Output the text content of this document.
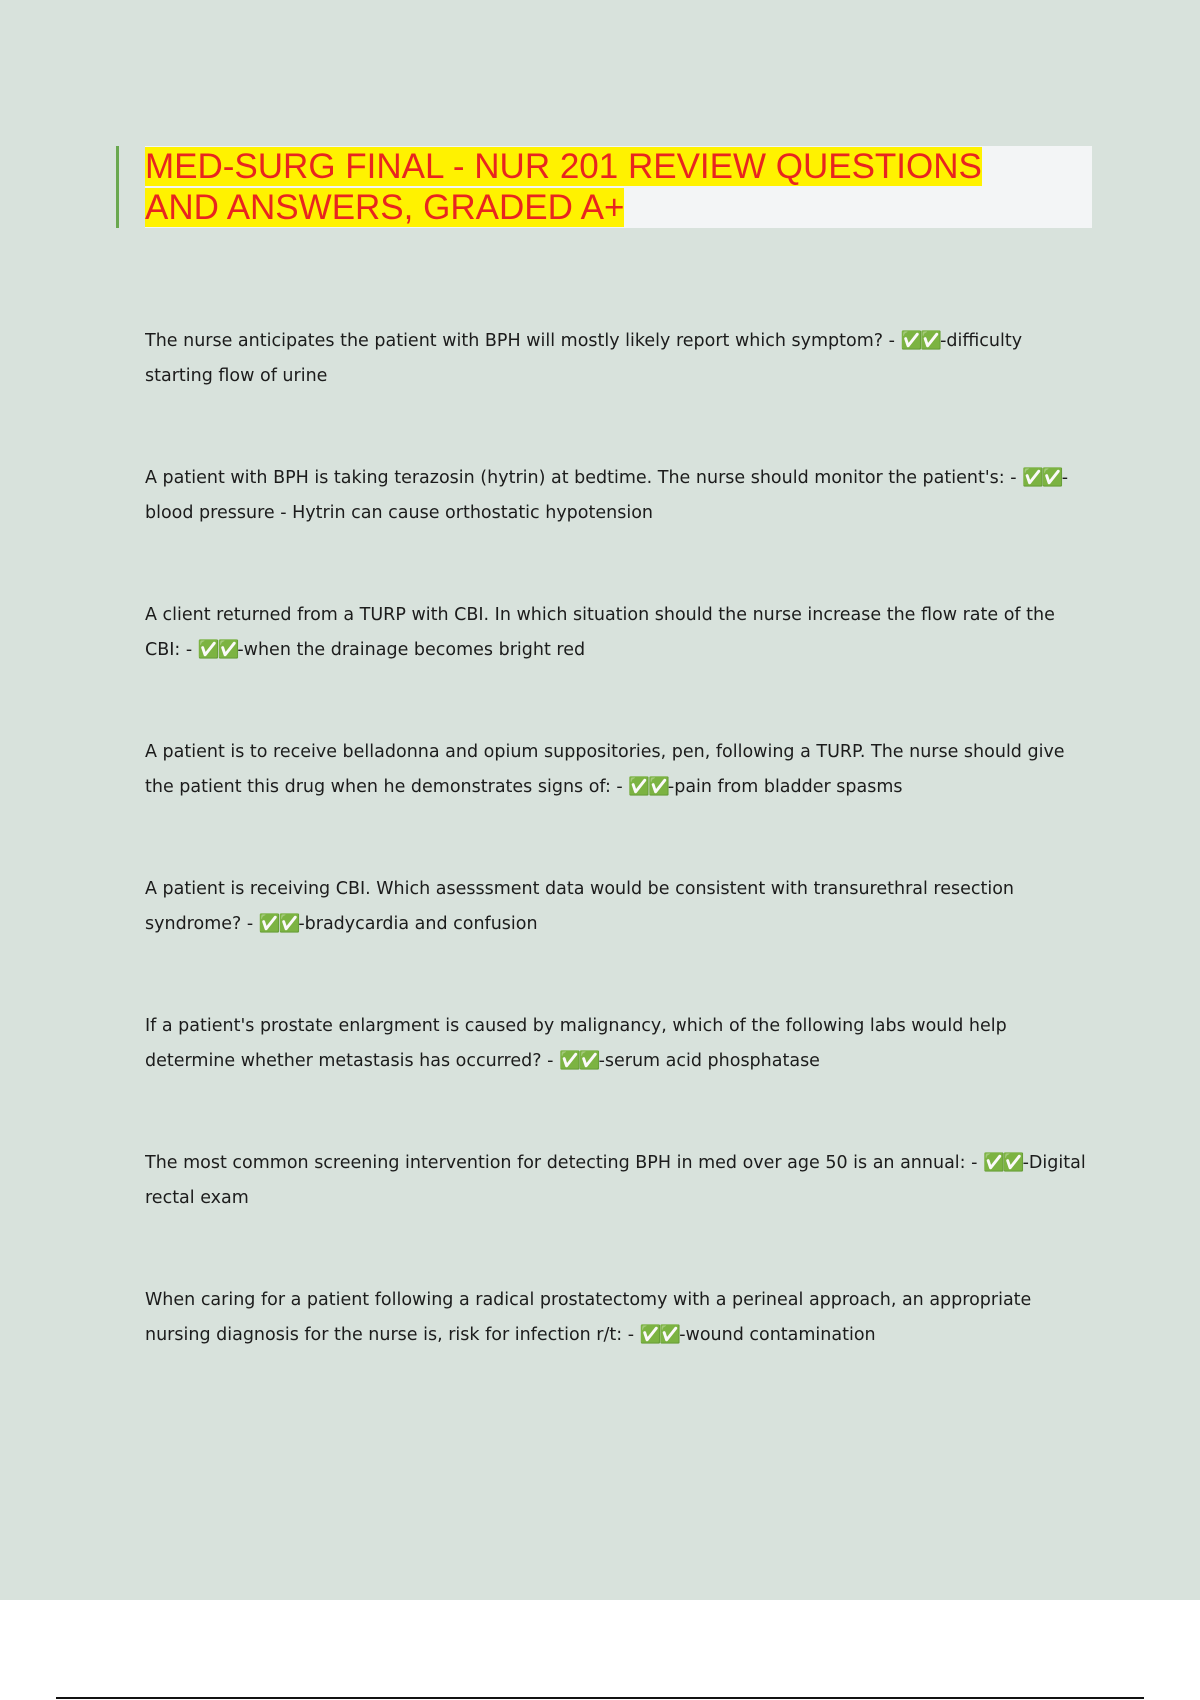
MED-SURG FINAL - NUR 201 REVIEW QUESTIONS
AND ANSWERS, GRADED A+

The nurse anticipates the patient with BPH will mostly likely report which symptom? - ✅✅-difficulty starting flow of urine

A patient with BPH is taking terazosin (hytrin) at bedtime. The nurse should monitor the patient's: - ✅✅-blood pressure - Hytrin can cause orthostatic hypotension

A client returned from a TURP with CBI. In which situation should the nurse increase the flow rate of the CBI: - ✅✅-when the drainage becomes bright red

A patient is to receive belladonna and opium suppositories, pen, following a TURP. The nurse should give the patient this drug when he demonstrates signs of: - ✅✅-pain from bladder spasms

A patient is receiving CBI. Which asesssment data would be consistent with transurethral resection syndrome? - ✅✅-bradycardia and confusion

If a patient's prostate enlargment is caused by malignancy, which of the following labs would help determine whether metastasis has occurred? - ✅✅-serum acid phosphatase

The most common screening intervention for detecting BPH in med over age 50 is an annual: - ✅✅-Digital rectal exam

When caring for a patient following a radical prostatectomy with a perineal approach, an appropriate nursing diagnosis for the nurse is, risk for infection r/t: - ✅✅-wound contamination
